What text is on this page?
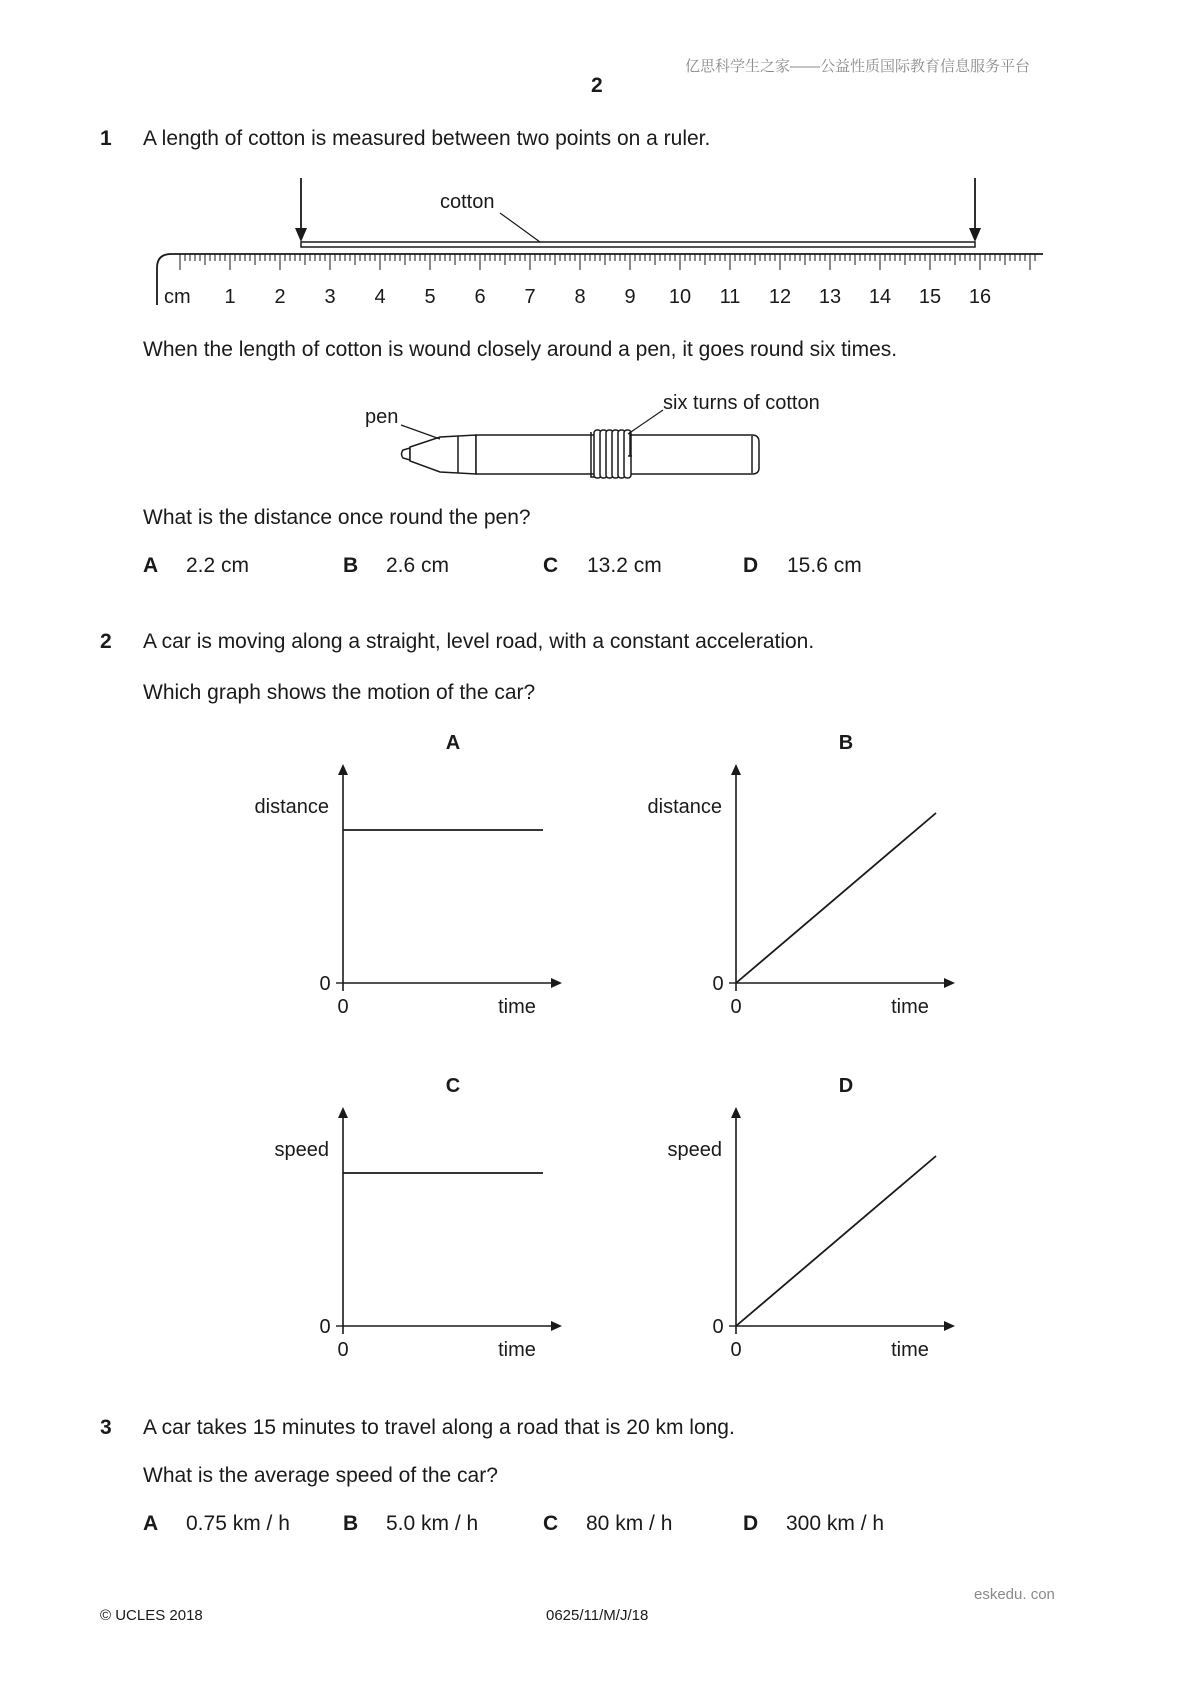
亿思科学生之家——公益性质国际教育信息服务平台
2
1 A length of cotton is measured between two points on a ruler.
1 2 3 4 5 6 7 8 9 10 11 12 13 14 15 16
cotton
cm
When the length of cotton is wound closely around a pen, it goes round six times.
pen
six turns of cotton
What is the distance once round the pen?
A 2.2 cm	B 2.6 cm	C 13.2 cm	D 15.6 cm
2 A car is moving along a straight, level road, with a constant acceleration.
Which graph shows the motion of the car?
A
distance
time
0
0
B
distance
time
0
0
C
speed
time
0
0
D
speed
time
0
0
3 A car takes 15 minutes to travel along a road that is 20 km long.
What is the average speed of the car?
A 0.75 km / h	B 5.0 km / h	C 80 km / h	D 300 km / h
eskedu. con
© UCLES 2018	0625/11/M/J/18
